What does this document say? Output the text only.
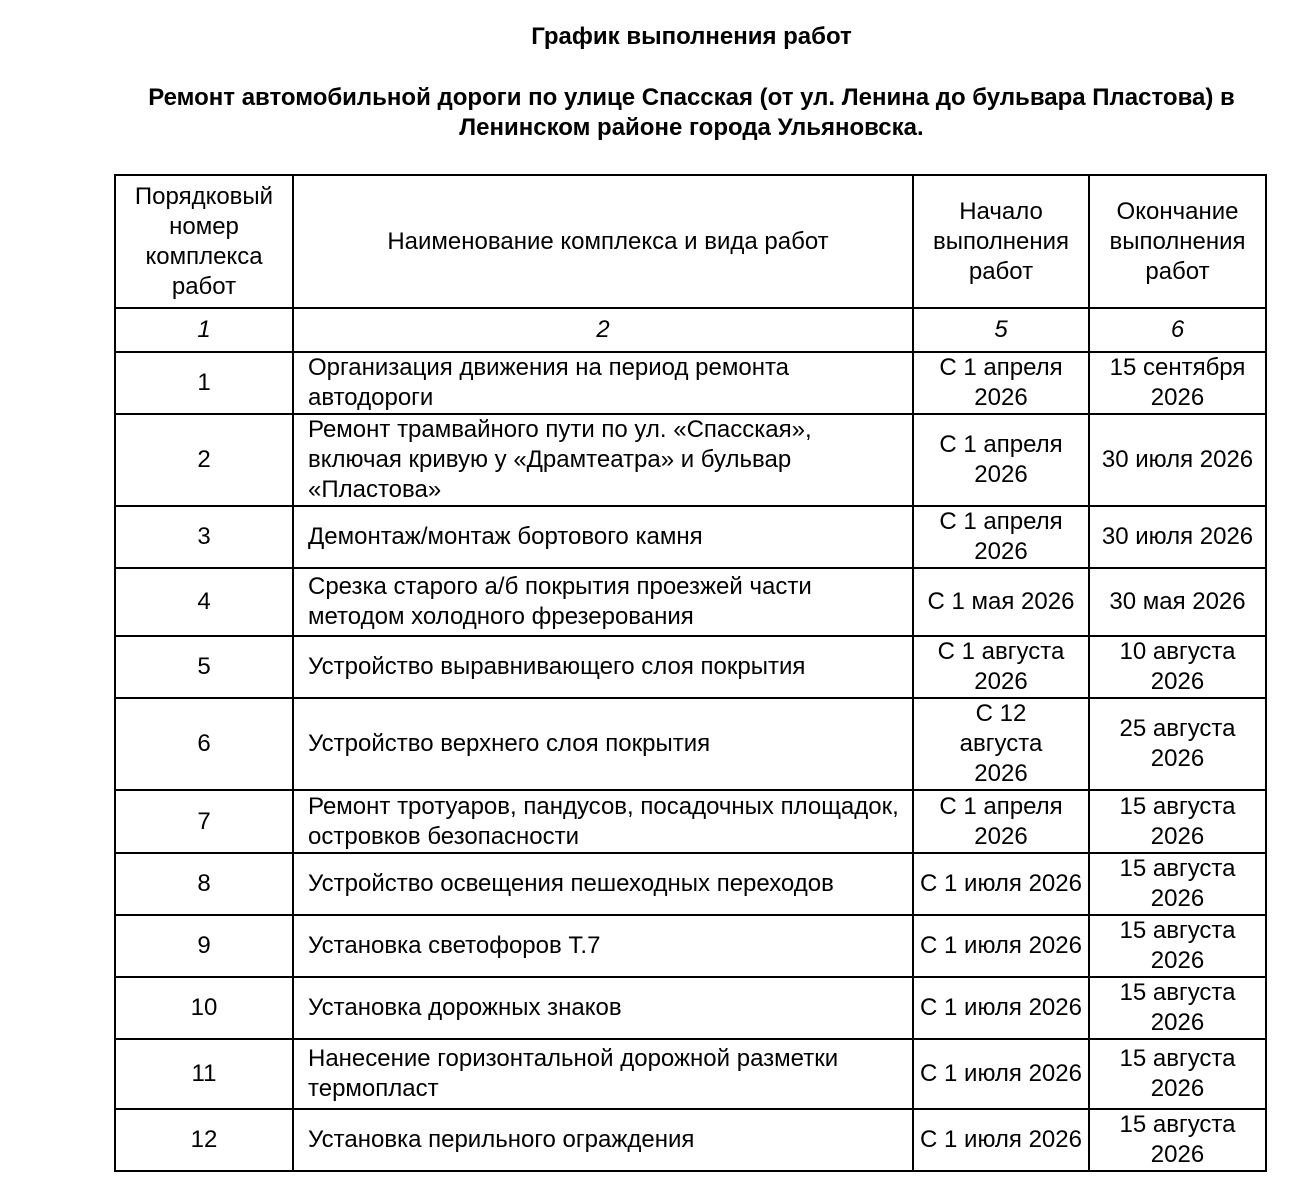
График выполнения работ
Ремонт автомобильной дороги по улице Спасская (от ул. Ленина до бульвара Пластова) в Ленинском районе города Ульяновска.
Порядковый номер комплекса работ	Наименование комплекса и вида работ	Начало выполнения работ	Окончание выполнения работ
1	2	5	6
1	Организация движения на период ремонта автодороги	С 1 апреля 2026	15 сентября 2026
2	Ремонт трамвайного пути по ул. «Спасская», включая кривую у «Драмтеатра» и бульвар «Пластова»	С 1 апреля 2026	30 июля 2026
3	Демонтаж/монтаж бортового камня	С 1 апреля 2026	30 июля 2026
4	Срезка старого а/б покрытия проезжей части методом холодного фрезерования	С 1 мая 2026	30 мая 2026
5	Устройство выравнивающего слоя покрытия	С 1 августа 2026	10 августа 2026
6	Устройство верхнего слоя покрытия	С 12 августа 2026	25 августа 2026
7	Ремонт тротуаров, пандусов, посадочных площадок, островков безопасности	С 1 апреля 2026	15 августа 2026
8	Устройство освещения пешеходных переходов	С 1 июля 2026	15 августа 2026
9	Установка светофоров Т.7	С 1 июля 2026	15 августа 2026
10	Установка дорожных знаков	С 1 июля 2026	15 августа 2026
11	Нанесение горизонтальной дорожной разметки термопласт	С 1 июля 2026	15 августа 2026
12	Установка перильного ограждения	С 1 июля 2026	15 августа 2026
